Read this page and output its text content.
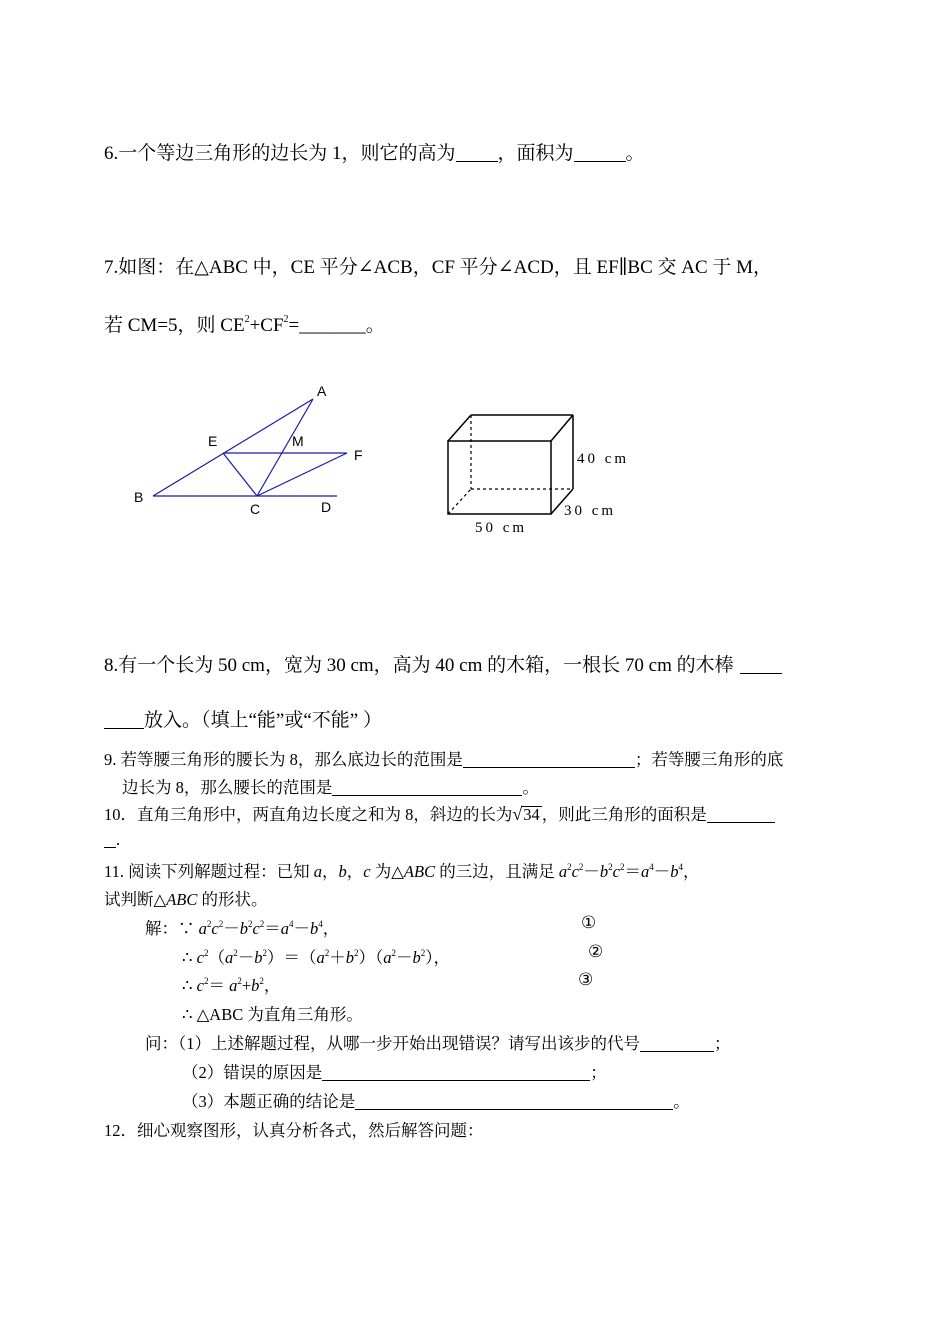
6.一个等边三角形的边长为 1，则它的高为 ，面积为	。
7.如图：在△ABC 中，CE 平分∠ACB，CF 平分∠ACD，且 EF∥BC 交 AC 于 M，
若 CM=5，则 $CE^2+CF^2=\_\_\_\_\_\_\_$。
A
E	M
F
B
C	D
40 cm
30 cm
50 cm
8.有一个长为 50 cm，宽为 30 cm，高为 40 cm 的木箱，一根长 70 cm 的木棒
放入。（填上“能”或“不能” ）
9. 若等腰三角形的腰长为 8，那么底边长的范围是	；若等腰三角形的底
边长为 8，那么腰长的范围是	。
10．直角三角形中，两直角边长度之和为 8，斜边的长为√34 ，则此三角形的面积是
.
11. 阅读下列解题过程：已知 a，b，c 为△ABC 的三边，且满足 $a^2c^2-b^2c^2=a^4-b^4$，
试判断△ABC 的形状。
解：∵ $a^2c^2-b^2c^2=a^4-b^4$，	①
∴ $c^2(a^2-b^2)=(a^2+b^2)(a^2-b^2)$，	②
∴ $c^2= a^2+b^2$，	③
∴ △ABC 为直角三角形。
问：（1）上述解题过程，从哪一步开始出现错误？请写出该步的代号	；
（2）错误的原因是	；
（3）本题正确的结论是	。
12．细心观察图形，认真分析各式，然后解答问题：
